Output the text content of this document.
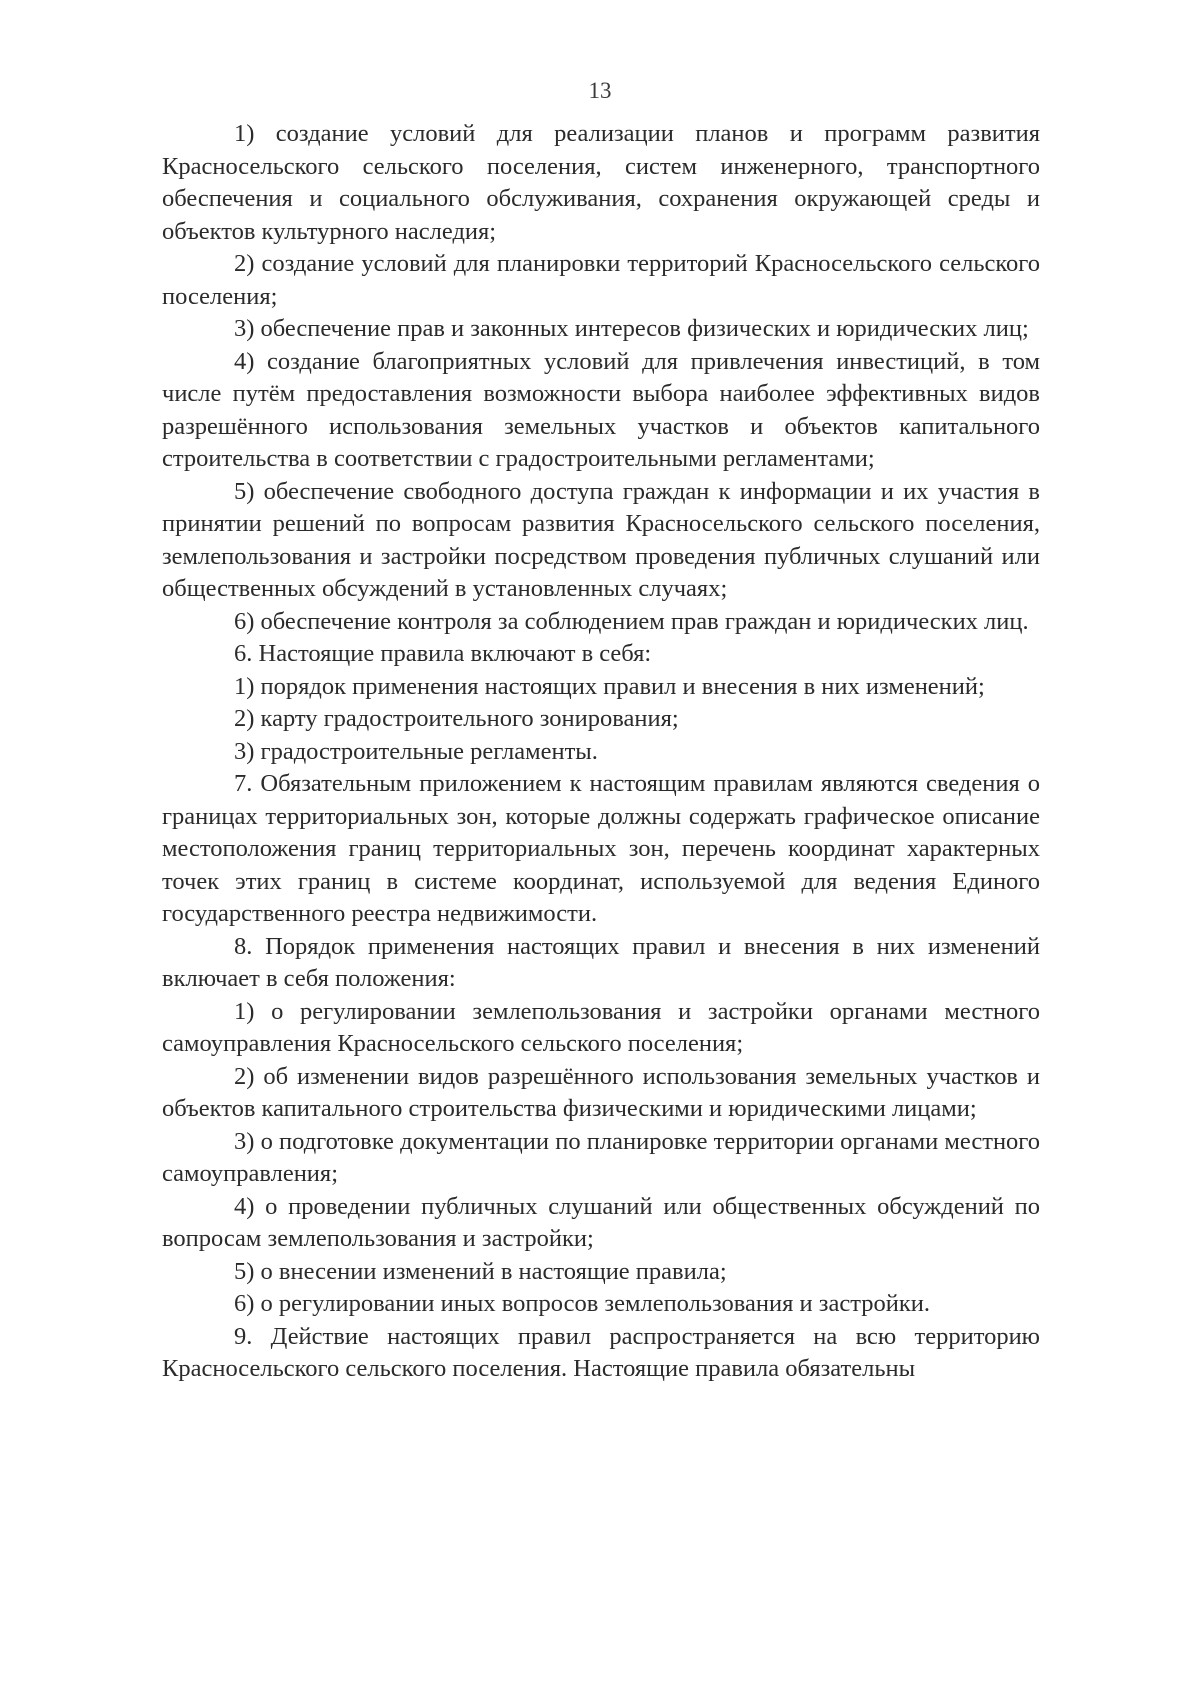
13

1) создание условий для реализации планов и программ развития Красносельского сельского поселения, систем инженерного, транспортного обеспечения и социального обслуживания, сохранения окружающей среды и объектов культурного наследия;

2) создание условий для планировки территорий Красносельского сельского поселения;

3) обеспечение прав и законных интересов физических и юридических лиц;

4) создание благоприятных условий для привлечения инвестиций, в том числе путём предоставления возможности выбора наиболее эффективных видов разрешённого использования земельных участков и объектов капитального строительства в соответствии с градостроительными регламентами;

5) обеспечение свободного доступа граждан к информации и их участия в принятии решений по вопросам развития Красносельского сельского поселения, землепользования и застройки посредством проведения публичных слушаний или общественных обсуждений в установленных случаях;

6) обеспечение контроля за соблюдением прав граждан и юридических лиц.

6. Настоящие правила включают в себя:

1) порядок применения настоящих правил и внесения в них изменений;

2) карту градостроительного зонирования;

3) градостроительные регламенты.

7. Обязательным приложением к настоящим правилам являются сведения о границах территориальных зон, которые должны содержать графическое описание местоположения границ территориальных зон, перечень координат характерных точек этих границ в системе координат, используемой для ведения Единого государственного реестра недвижимости.

8. Порядок применения настоящих правил и внесения в них изменений включает в себя положения:

1) о регулировании землепользования и застройки органами местного самоуправления Красносельского сельского поселения;

2) об изменении видов разрешённого использования земельных участков и объектов капитального строительства физическими и юридическими лицами;

3) о подготовке документации по планировке территории органами местного самоуправления;

4) о проведении публичных слушаний или общественных обсуждений по вопросам землепользования и застройки;

5) о внесении изменений в настоящие правила;

6) о регулировании иных вопросов землепользования и застройки.

9. Действие настоящих правил распространяется на всю территорию Красносельского сельского поселения. Настоящие правила обязательны
